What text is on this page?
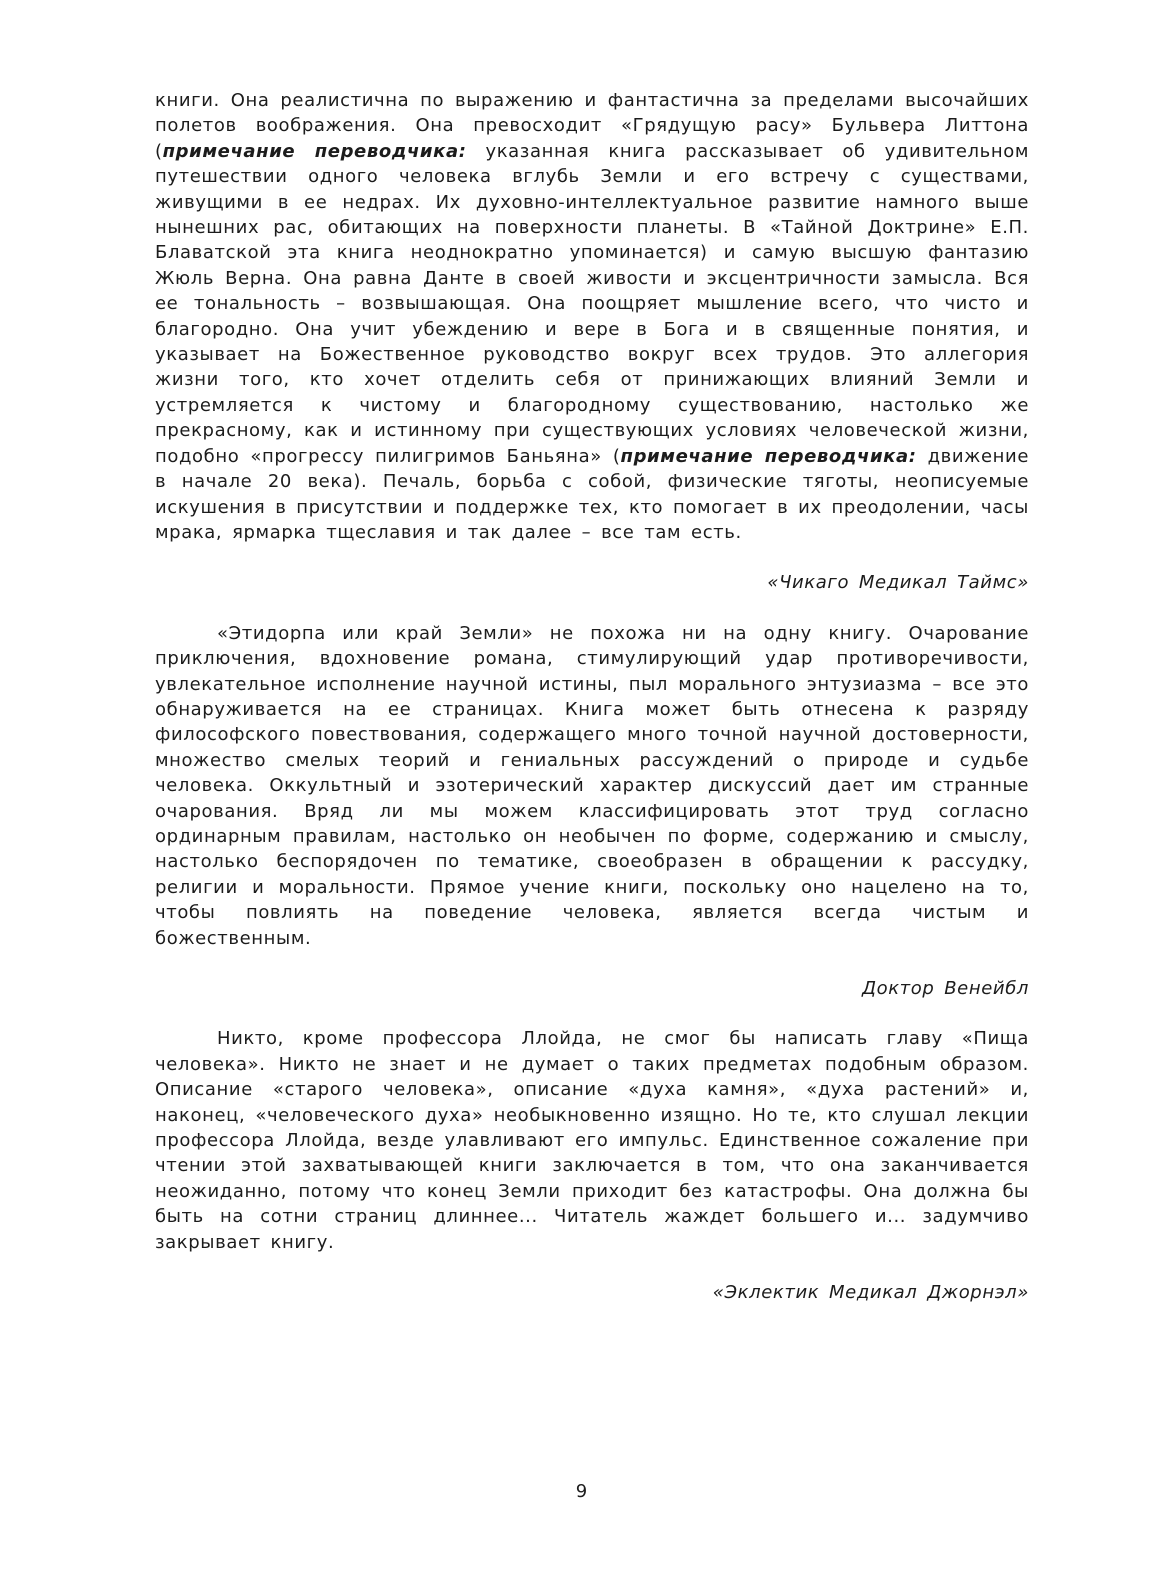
книги. Она реалистична по выражению и фантастична за пределами высочайших полетов воображения. Она превосходит «Грядущую расу» Бульвера Литтона (примечание переводчика: указанная книга рассказывает об удивительном путешествии одного человека вглубь Земли и его встречу с существами, живущими в ее недрах. Их духовно-интеллектуальное развитие намного выше нынешних рас, обитающих на поверхности планеты. В «Тайной Доктрине» Е.П. Блаватской эта книга неоднократно упоминается) и самую высшую фантазию Жюль Верна. Она равна Данте в своей живости и эксцентричности замысла. Вся ее тональность – возвышающая. Она поощряет мышление всего, что чисто и благородно. Она учит убеждению и вере в Бога и в священные понятия, и указывает на Божественное руководство вокруг всех трудов. Это аллегория жизни того, кто хочет отделить себя от принижающих влияний Земли и устремляется к чистому и благородному существованию, настолько же прекрасному, как и истинному при существующих условиях человеческой жизни, подобно «прогрессу пилигримов Баньяна» (примечание переводчика: движение в начале 20 века). Печаль, борьба с собой, физические тяготы, неописуемые искушения в присутствии и поддержке тех, кто помогает в их преодолении, часы мрака, ярмарка тщеславия и так далее – все там есть.

«Чикаго Медикал Таймс»

«Этидорпа или край Земли» не похожа ни на одну книгу. Очарование приключения, вдохновение романа, стимулирующий удар противоречивости, увлекательное исполнение научной истины, пыл морального энтузиазма – все это обнаруживается на ее страницах. Книга может быть отнесена к разряду философского повествования, содержащего много точной научной достоверности, множество смелых теорий и гениальных рассуждений о природе и судьбе человека. Оккультный и эзотерический характер дискуссий дает им странные очарования. Вряд ли мы можем классифицировать этот труд согласно ординарным правилам, настолько он необычен по форме, содержанию и смыслу, настолько беспорядочен по тематике, своеобразен в обращении к рассудку, религии и моральности. Прямое учение книги, поскольку оно нацелено на то, чтобы повлиять на поведение человека, является всегда чистым и божественным.

Доктор Венейбл

Никто, кроме профессора Ллойда, не смог бы написать главу «Пища человека». Никто не знает и не думает о таких предметах подобным образом. Описание «старого человека», описание «духа камня», «духа растений» и, наконец, «человеческого духа» необыкновенно изящно. Но те, кто слушал лекции профессора Ллойда, везде улавливают его импульс. Единственное сожаление при чтении этой захватывающей книги заключается в том, что она заканчивается неожиданно, потому что конец Земли приходит без катастрофы. Она должна бы быть на сотни страниц длиннее... Читатель жаждет большего и... задумчиво закрывает книгу.

«Эклектик Медикал Джорнэл»

9
